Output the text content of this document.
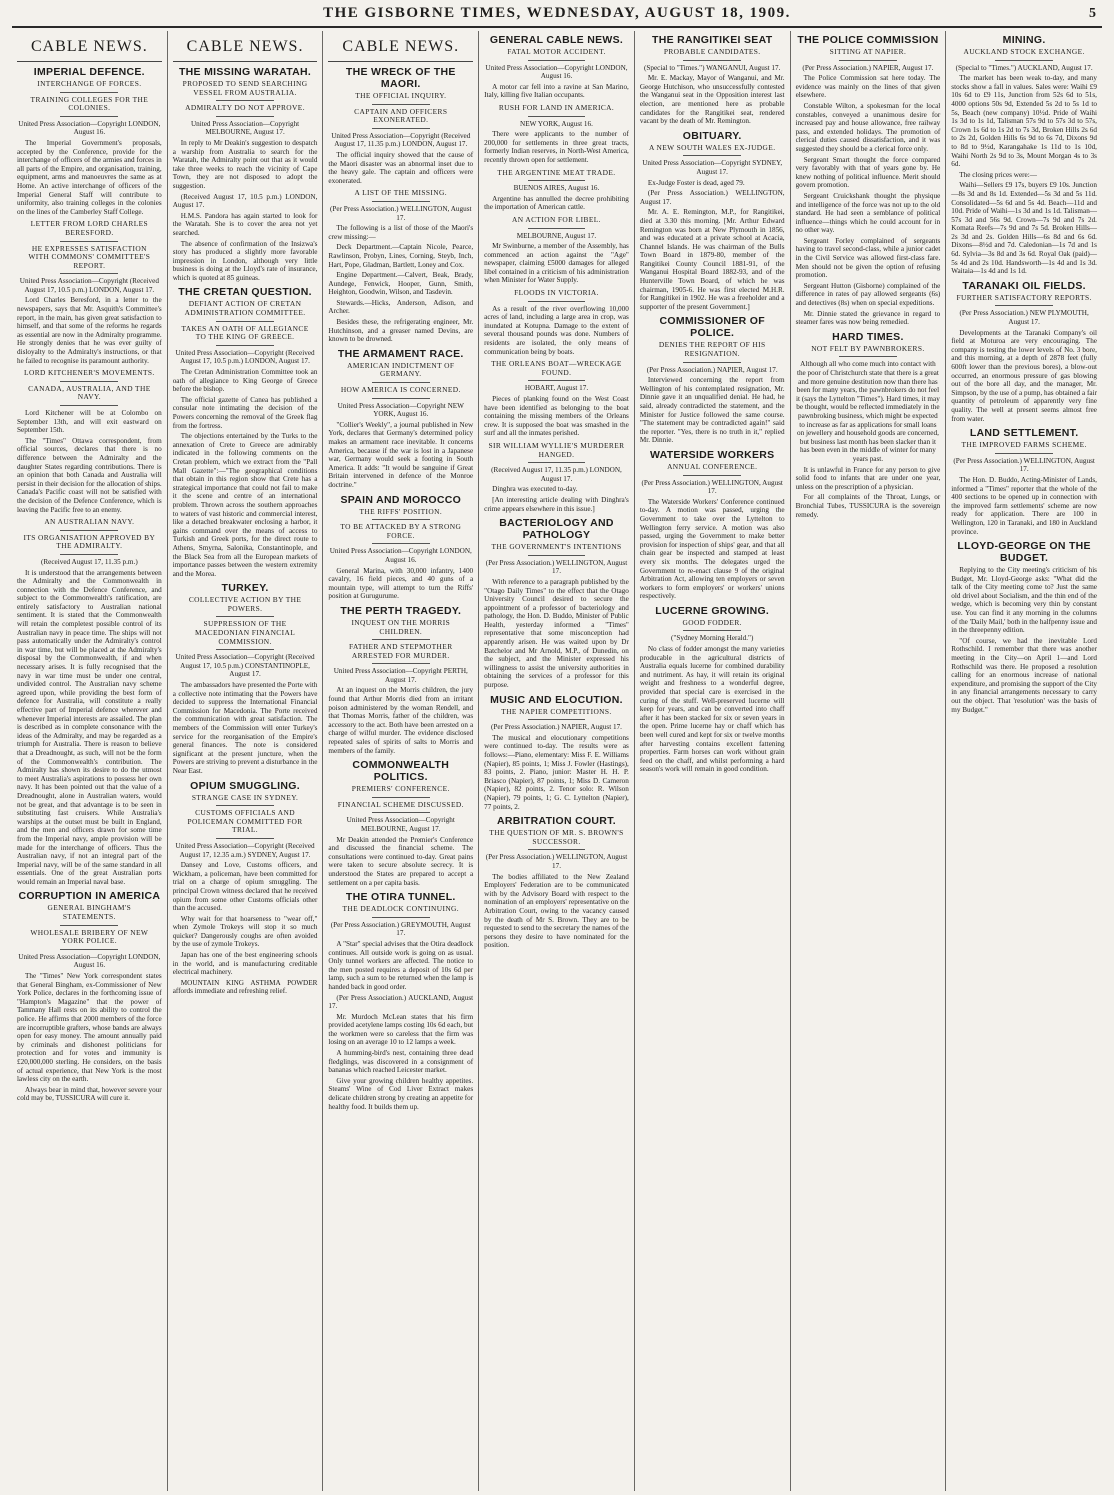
THE GISBORNE TIMES, WEDNESDAY, AUGUST 18, 1909.	5
CABLE NEWS.
IMPERIAL DEFENCE.
INTERCHANGE OF FORCES.
TRAINING COLLEGES FOR THE COLONIES.

United Press Association—Copyright LONDON, August 16.

The Imperial Government's proposals, accepted by the Conference, provide for the interchange of officers of the armies and forces in all parts of the Empire, and organisation, training, equipment, arms and manoeuvres the same as at Home. An active interchange of officers of the Imperial General Staff will contribute to uniformity, also training colleges in the colonies on the lines of the Camberley Staff College.

LETTER FROM LORD CHARLES BERESFORD.
HE EXPRESSES SATISFACTION WITH COMMONS' COMMITTEE'S REPORT.

United Press Association—Copyright (Received August 17, 10.5 p.m.) LONDON, August 17.

Lord Charles Beresford, in a letter to the newspapers, says that Mr. Asquith's Committee's report, in the main, has given great satisfaction to himself, and that some of the reforms he regards as essential are now in the Admiralty programme. He strongly denies that he was ever guilty of disloyalty to the Admiralty's instructions, or that he failed to recognise its paramount authority.

LORD KITCHENER'S MOVEMENTS.
CANADA, AUSTRALIA, AND THE NAVY.

Lord Kitchener will be at Colombo on September 13th, and will exit eastward on September 15th.

The "Times" Ottawa correspondent, from official sources, declares that there is no difference between the Admiralty and the daughter States regarding contributions. There is an opinion that both Canada and Australia will persist in their decision for the allocation of ships. Canada's Pacific coast will not be satisfied with the decision of the Defence Conference, which is leaving the Pacific free to an enemy.

AN AUSTRALIAN NAVY.
ITS ORGANISATION APPROVED BY THE ADMIRALTY.

(Received August 17, 11.35 p.m.)

It is understood that the arrangements between the Admiralty and the Commonwealth in connection with the Defence Conference, and subject to the Commonwealth's ratification, are entirely satisfactory to Australian national sentiment. It is stated that the Commonwealth will retain the completest possible control of its Australian navy in peace time. The ships will not pass automatically under the Admiralty's control in war time, but will be placed at the Admiralty's disposal by the Commonwealth, if and when necessary arises. It is fully recognised that the navy in war time must be under one central, undivided control. The Australian navy scheme agreed upon, while providing the best form of defence for Australia, will constitute a really effective part of Imperial defence wherever and whenever Imperial interests are assailed. The plan is described as in complete consonance with the ideas of the Admiralty, and may be regarded as a triumph for Australia. There is reason to believe that a Dreadnought, as such, will not be the form of the Commonwealth's contribution. The Admiralty has shown its desire to do the utmost to meet Australia's aspirations to possess her own navy. It has been pointed out that the value of a Dreadnought, alone in Australian waters, would not be great, and that advantage is to be seen in substituting fast cruisers. While Australia's warships at the outset must be built in England, and the men and officers drawn for some time from the Imperial navy, ample provision will be made for the interchange of officers. Thus the Australian navy, if not an integral part of the Imperial navy, will be of the same standard in all essentials. One of the great Australian ports would remain an Imperial naval base.

CORRUPTION IN AMERICA
GENERAL BINGHAM'S STATEMENTS.
WHOLESALE BRIBERY OF NEW YORK POLICE.

United Press Association—Copyright LONDON, August 16.

The "Times" New York correspondent states that General Bingham, ex-Commissioner of New York Police, declares in the forthcoming issue of "Hampton's Magazine" that the power of Tammany Hall rests on its ability to control the police. He affirms that 2000 members of the force are incorruptible grafters, whose bands are always open for easy money. The amount annually paid by criminals and dishonest politicians for protection and for votes and immunity is £20,000,000 sterling. He considers, on the basis of actual experience, that New York is the most lawless city on the earth.

Always bear in mind that, however severe your cold may be, TUSSICURA will cure it.

CABLE NEWS.
THE MISSING WARATAH.
PROPOSED TO SEND SEARCHING VESSEL FROM AUSTRALIA.
ADMIRALTY DO NOT APPROVE.

United Press Association—Copyright MELBOURNE, August 17.

In reply to Mr Deakin's suggestion to despatch a warship from Australia to search for the Waratah, the Admiralty point out that as it would take three weeks to reach the vicinity of Cape Town, they are not disposed to adopt the suggestion.

(Received August 17, 10.5 p.m.) LONDON, August 17.

H.M.S. Pandora has again started to look for the Waratah. She is to cover the area not yet searched.

The absence of confirmation of the Insizwa's story has produced a slightly more favorable impression in London, although very little business is doing at the Lloyd's rate of insurance, which is quoted at 85 guineas.

THE CRETAN QUESTION.
DEFIANT ACTION OF CRETAN ADMINISTRATION COMMITTEE.
TAKES AN OATH OF ALLEGIANCE TO THE KING OF GREECE.

United Press Association—Copyright (Received August 17, 10.5 p.m.) LONDON, August 17.

The Cretan Administration Committee took an oath of allegiance to King George of Greece before the bishop.

The official gazette of Canea has published a consular note intimating the decision of the Powers concerning the removal of the Greek flag from the fortress.

The objections entertained by the Turks to the annexation of Crete to Greece are admirably indicated in the following comments on the Cretan problem, which we extract from the "Pall Mall Gazette":—"The geographical conditions that obtain in this region show that Crete has a strategical importance that could not fail to make it the scene and centre of an international problem. Thrown across the southern approaches to waters of vast historic and commercial interest, like a detached breakwater enclosing a harbor, it gains command over the means of access to Turkish and Greek ports, for the direct route to Athens, Smyrna, Salonika, Constantinople, and the Black Sea from all the European markets of importance passes between the western extremity and the Morea.

TURKEY.
COLLECTIVE ACTION BY THE POWERS.
SUPPRESSION OF THE MACEDONIAN FINANCIAL COMMISSION.

United Press Association—Copyright (Received August 17, 10.5 p.m.) CONSTANTINOPLE, August 17.

The ambassadors have presented the Porte with a collective note intimating that the Powers have decided to suppress the International Financial Commission for Macedonia. The Porte received the communication with great satisfaction. The members of the Commission will enter Turkey's service for the reorganisation of the Empire's general finances. The note is considered significant at the present juncture, when the Powers are striving to prevent a disturbance in the Near East.

OPIUM SMUGGLING.
STRANGE CASE IN SYDNEY.
CUSTOMS OFFICIALS AND POLICEMAN COMMITTED FOR TRIAL.

United Press Association—Copyright (Received August 17, 12.35 a.m.) SYDNEY, August 17.

Dansey and Love, Customs officers, and Wickham, a policeman, have been committed for trial on a charge of opium smuggling. The principal Crown witness declared that he received opium from some other Customs officials other than the accused.

Why wait for that hoarseness to "wear off," when Zymole Trokeys will stop it so much quicker? Dangerously coughs are often avoided by the use of zymole Trokeys.

Japan has one of the best engineering schools in the world, and is manufacturing creditable electrical machinery.

MOUNTAIN KING ASTHMA POWDER affords immediate and refreshing relief.

CABLE NEWS.
THE WRECK OF THE MAORI.
THE OFFICIAL INQUIRY.
CAPTAIN AND OFFICERS EXONERATED.

United Press Association—Copyright (Received August 17, 11.35 p.m.) LONDON, August 17.

The official inquiry showed that the cause of the Maori disaster was an abnormal inset due to the heavy gale. The captain and officers were exonerated.

A LIST OF THE MISSING.

(Per Press Association.) WELLINGTON, August 17.

The following is a list of those of the Maori's crew missing:—

Deck Department.—Captain Nicole, Pearce, Rawlinson, Probyn, Lines, Corning, Steyb, Inch, Hart, Pope, Gladman, Bartlett, Loney and Cox.

Engine Department.—Calvert, Beak, Brady, Aundege, Fenwick, Hooper, Gunn, Smith, Heighton, Goodwin, Wilson, and Tasdevin.

Stewards.—Hicks, Anderson, Adison, and Archer.

Besides these, the refrigerating engineer, Mr. Hutchinson, and a greaser named Devins, are known to be drowned.

THE ARMAMENT RACE.
AMERICAN INDICTMENT OF GERMANY.
HOW AMERICA IS CONCERNED.

United Press Association—Copyright NEW YORK, August 16.

"Collier's Weekly", a journal published in New York, declares that Germany's determined policy makes an armament race inevitable. It concerns America, because if the war is lost in a Japanese war, Germany would seek a footing in South America. It adds: "It would be sanguine if Great Britain intervened in defence of the Monroe doctrine."

SPAIN AND MOROCCO
THE RIFFS' POSITION.
TO BE ATTACKED BY A STRONG FORCE.

United Press Association—Copyright LONDON, August 16.

General Marina, with 30,000 infantry, 1400 cavalry, 16 field pieces, and 40 guns of a mountain type, will attempt to turn the Riffs' position at Gurugurume.

THE PERTH TRAGEDY.
INQUEST ON THE MORRIS CHILDREN.
FATHER AND STEPMOTHER ARRESTED FOR MURDER.

United Press Association—Copyright PERTH, August 17.

At an inquest on the Morris children, the jury found that Arthur Morris died from an irritant poison administered by the woman Rendell, and that Thomas Morris, father of the children, was accessory to the act. Both have been arrested on a charge of wilful murder. The evidence disclosed repeated sales of spirits of salts to Morris and members of the family.

COMMONWEALTH POLITICS.
PREMIERS' CONFERENCE.
FINANCIAL SCHEME DISCUSSED.

United Press Association—Copyright MELBOURNE, August 17.

Mr Deakin attended the Premier's Conference and discussed the financial scheme. The consultations were continued to-day. Great pains were taken to secure absolute secrecy. It is understood the States are prepared to accept a settlement on a per capita basis.

THE OTIRA TUNNEL.
THE DEADLOCK CONTINUING.

(Per Press Association.) GREYMOUTH, August 17.

A "Star" special advises that the Otira deadlock continues. All outside work is going on as usual. Only tunnel workers are affected. The notice to the men posted requires a deposit of 10s 6d per lamp, such a sum to be returned when the lamp is handed back in good order.

(Per Press Association.) AUCKLAND, August 17.

Mr. Murdoch McLean states that his firm provided acetylene lamps costing 10s 6d each, but the workmen were so careless that the firm was losing on an average 10 to 12 lamps a week.

A humming-bird's nest, containing three dead fledglings, was discovered in a consignment of bananas which reached Leicester market.

Give your growing children healthy appetites. Steams' Wine of Cod Liver Extract makes delicate children strong by creating an appetite for healthy food. It builds them up.

GENERAL CABLE NEWS.
FATAL MOTOR ACCIDENT.

United Press Association—Copyright LONDON, August 16.

A motor car fell into a ravine at San Marino, Italy, killing five Italian occupants.

RUSH FOR LAND IN AMERICA.

NEW YORK, August 16.

There were applicants to the number of 200,000 for settlements in three great tracts, formerly Indian reserves, in North-West America, recently thrown open for settlement.

THE ARGENTINE MEAT TRADE.

BUENOS AIRES, August 16.

Argentine has annulled the decree prohibiting the importation of American cattle.

AN ACTION FOR LIBEL.

MELBOURNE, August 17.

Mr Swinburne, a member of the Assembly, has commenced an action against the "Age" newspaper, claiming £5000 damages for alleged libel contained in a criticism of his administration when Minister for Water Supply.

FLOODS IN VICTORIA.

As a result of the river overflowing 10,000 acres of land, including a large area in crop, was inundated at Kotupna. Damage to the extent of several thousand pounds was done. Numbers of residents are isolated, the only means of communication being by boats.

THE ORLEANS BOAT—WRECKAGE FOUND.

HOBART, August 17.

Pieces of planking found on the West Coast have been identified as belonging to the boat containing the missing members of the Orleans crew. It is supposed the boat was smashed in the surf and all the inmates perished.

SIR WILLIAM WYLLIE'S MURDERER HANGED.

(Received August 17, 11.35 p.m.) LONDON, August 17.

Dinghra was executed to-day.

[An interesting article dealing with Dinghra's crime appears elsewhere in this issue.]

BACTERIOLOGY AND PATHOLOGY
THE GOVERNMENT'S INTENTIONS

(Per Press Association.) WELLINGTON, August 17.

With reference to a paragraph published by the "Otago Daily Times" to the effect that the Otago University Council desired to secure the appointment of a professor of bacteriology and pathology, the Hon. D. Buddo, Minister of Public Health, yesterday informed a "Times" representative that some misconception had apparently arisen. He was waited upon by Dr Batchelor and Mr Arnold, M.P., of Dunedin, on the subject, and the Minister expressed his willingness to assist the university authorities in obtaining the services of a professor for this purpose.

MUSIC AND ELOCUTION.
THE NAPIER COMPETITIONS.

(Per Press Association.) NAPIER, August 17.

The musical and elocutionary competitions were continued to-day. The results were as follows:—Piano, elementary: Miss F. E. Williams (Napier), 85 points, 1; Miss J. Fowler (Hastings), 83 points, 2. Piano, junior: Master H. H. P. Briasco (Napier), 87 points, 1; Miss D. Cameron (Napier), 82 points, 2. Tenor solo: R. Wilson (Napier), 79 points, 1; G. C. Lyttelton (Napier), 77 points, 2.

ARBITRATION COURT.
THE QUESTION OF MR. S. BROWN'S SUCCESSOR.

(Per Press Association.) WELLINGTON, August 17.

The bodies affiliated to the New Zealand Employers' Federation are to be communicated with by the Advisory Board with respect to the nomination of an employers' representative on the Arbitration Court, owing to the vacancy caused by the death of Mr S. Brown. They are to be requested to send to the secretary the names of the persons they desire to have nominated for the position.

THE RANGITIKEI SEAT
PROBABLE CANDIDATES.

(Special to "Times.") WANGANUI, August 17.

Mr. E. Mackay, Mayor of Wanganui, and Mr. George Hutchison, who unsuccessfully contested the Wanganui seat in the Opposition interest last election, are mentioned here as probable candidates for the Rangitikei seat, rendered vacant by the death of Mr. Remington.

OBITUARY.
A NEW SOUTH WALES EX-JUDGE.

United Press Association—Copyright SYDNEY, August 17.

Ex-Judge Foster is dead, aged 79.

(Per Press Association.) WELLINGTON, August 17.

Mr. A. E. Remington, M.P., for Rangitikei, died at 3.30 this morning. [Mr. Arthur Edward Remington was born at New Plymouth in 1856, and was educated at a private school at Acacia, Channel Islands. He was chairman of the Bulls Town Board in 1879-80, member of the Rangitikei County Council 1881-91, of the Wanganui Hospital Board 1882-93, and of the Hunterville Town Board, of which he was chairman, 1905-6. He was first elected M.H.R. for Rangitikei in 1902. He was a freeholder and a supporter of the present Government.]

COMMISSIONER OF POLICE.
DENIES THE REPORT OF HIS RESIGNATION.

(Per Press Association.) NAPIER, August 17.

Interviewed concerning the report from Wellington of his contemplated resignation, Mr. Dinnie gave it an unqualified denial. He had, he said, already contradicted the statement, and the Minister for Justice followed the same course. "The statement may be contradicted again!" said the reporter. "Yes, there is no truth in it," replied Mr. Dinnie.

WATERSIDE WORKERS
ANNUAL CONFERENCE.

(Per Press Association.) WELLINGTON, August 17.

The Waterside Workers' Conference continued to-day. A motion was passed, urging the Government to take over the Lyttelton to Wellington ferry service. A motion was also passed, urging the Government to make better provision for inspection of ships' gear, and that all chain gear be inspected and stamped at least every six months. The delegates urged the Government to re-enact clause 9 of the original Arbitration Act, allowing ten employers or seven workers to form employers' or workers' unions respectively.

LUCERNE GROWING.
GOOD FODDER.

("Sydney Morning Herald.")

No class of fodder amongst the many varieties producable in the agricultural districts of Australia equals lucerne for combined durability and nutriment. As hay, it will retain its original weight and freshness to a wonderful degree, provided that special care is exercised in the curing of the stuff. Well-preserved lucerne will keep for years, and can be converted into chaff after it has been stacked for six or seven years in the open. Prime lucerne hay or chaff which has been well cured and kept for six or twelve months after harvesting contains excellent fattening properties. Farm horses can work without grain feed on the chaff, and whilst performing a hard season's work will remain in good condition.

THE POLICE COMMISSION
SITTING AT NAPIER.

(Per Press Association.) NAPIER, August 17.

The Police Commission sat here today. The evidence was mainly on the lines of that given elsewhere.

Constable Wilton, a spokesman for the local constables, conveyed a unanimous desire for increased pay and house allowance, free railway pass, and extended holidays. The promotion of clerical duties caused dissatisfaction, and it was suggested they should be a clerical force only.

Sergeant Smart thought the force compared very favorably with that of years gone by. He knew nothing of political influence. Merit should govern promotion.

Sergeant Cruickshank thought the physique and intelligence of the force was not up to the old standard. He had seen a semblance of political influence—things which he could account for in no other way.

Sergeant Forley complained of sergeants having to travel second-class, while a junior cadet in the Civil Service was allowed first-class fare. Men should not be given the option of refusing promotion.

Sergeant Hutton (Gisborne) complained of the difference in rates of pay allowed sergeants (6s) and detectives (8s) when on special expeditions.

Mr. Dinnie stated the grievance in regard to steamer fares was now being remedied.

HARD TIMES.
NOT FELT BY PAWNBROKERS.

Although all who come much into contact with the poor of Christchurch state that there is a great and more genuine destitution now than there has been for many years, the pawnbrokers do not feel it (says the Lyttelton "Times"). Hard times, it may be thought, would be reflected immediately in the pawnbroking business, which might be expected to increase as far as applications for small loans on jewellery and household goods are concerned, but business last month has been slacker than it has been even in the middle of winter for many years past.

It is unlawful in France for any person to give solid food to infants that are under one year, unless on the prescription of a physician.

For all complaints of the Throat, Lungs, or Bronchial Tubes, TUSSICURA is the sovereign remedy.

MINING.
AUCKLAND STOCK EXCHANGE.

(Special to "Times.") AUCKLAND, August 17.

The market has been weak to-day, and many stocks show a fall in values. Sales were: Waihi £9 10s 6d to £9 11s, Junction from 52s 6d to 51s, 4000 options 50s 9d, Extended 5s 2d to 5s 1d to 5s, Beach (new company) 10½d. Pride of Waihi 1s 3d to 1s 1d, Talisman 57s 9d to 57s 3d to 57s, Crown 1s 6d to 1s 2d to 7s 3d, Broken Hills 2s 6d to 2s 2d, Golden Hills 6s 9d to 6s 7d, Dixons 9d to 8d to 9½d, Karangahake 1s 11d to 1s 10d, Waihi North 2s 9d to 3s, Mount Morgan 4s to 3s 6d.

The closing prices were:—

Waihi—Sellers £9 17s, buyers £9 10s. Junction—8s 3d and 8s 1d. Extended—5s 3d and 5s 11d. Consolidated—5s 6d and 5s 4d. Beach—11d and 10d. Pride of Waihi—1s 3d and 1s 1d. Talisman—57s 3d and 56s 9d. Crown—7s 9d and 7s 2d. Komata Reefs—7s 9d and 7s 5d. Broken Hills—2s 3d and 2s. Golden Hills—6s 8d and 6s 6d. Dixons—8½d and 7d. Caledonian—1s 7d and 1s 6d. Sylvia—3s 8d and 3s 6d. Royal Oak (paid)—5s 4d and 2s 10d. Handsworth—1s 4d and 1s 3d. Waitaia—1s 4d and 1s 1d.

TARANAKI OIL FIELDS.
FURTHER SATISFACTORY REPORTS.

(Per Press Association.) NEW PLYMOUTH, August 17.

Developments at the Taranaki Company's oil field at Moturoa are very encouraging. The company is testing the lower levels of No. 3 bore, and this morning, at a depth of 2878 feet (fully 600ft lower than the previous bores), a blow-out occurred, an enormous pressure of gas blowing out of the bore all day, and the manager, Mr. Simpson, by the use of a pump, has obtained a fair quantity of petroleum of apparently very fine quality. The well at present seems almost free from water.

LAND SETTLEMENT.
THE IMPROVED FARMS SCHEME.

(Per Press Association.) WELLINGTON, August 17.

The Hon. D. Buddo, Acting-Minister of Lands, informed a "Times" reporter that the whole of the 400 sections to be opened up in connection with the improved farm settlements' scheme are now ready for application. There are 100 in Wellington, 120 in Taranaki, and 180 in Auckland province.

LLOYD-GEORGE ON THE BUDGET.

Replying to the City meeting's criticism of his Budget, Mr. Lloyd-George asks: "What did the talk of the City meeting come to? Just the same old drivel about Socialism, and the thin end of the wedge, which is becoming very thin by constant use. You can find it any morning in the columns of the 'Daily Mail,' both in the halfpenny issue and in the threepenny edition.

"Of course, we had the inevitable Lord Rothschild. I remember that there was another meeting in the City—on April 1—and Lord Rothschild was there. He proposed a resolution calling for an enormous increase of national expenditure, and promising the support of the City in any financial arrangements necessary to carry out the object. That 'resolution' was the basis of my Budget."
